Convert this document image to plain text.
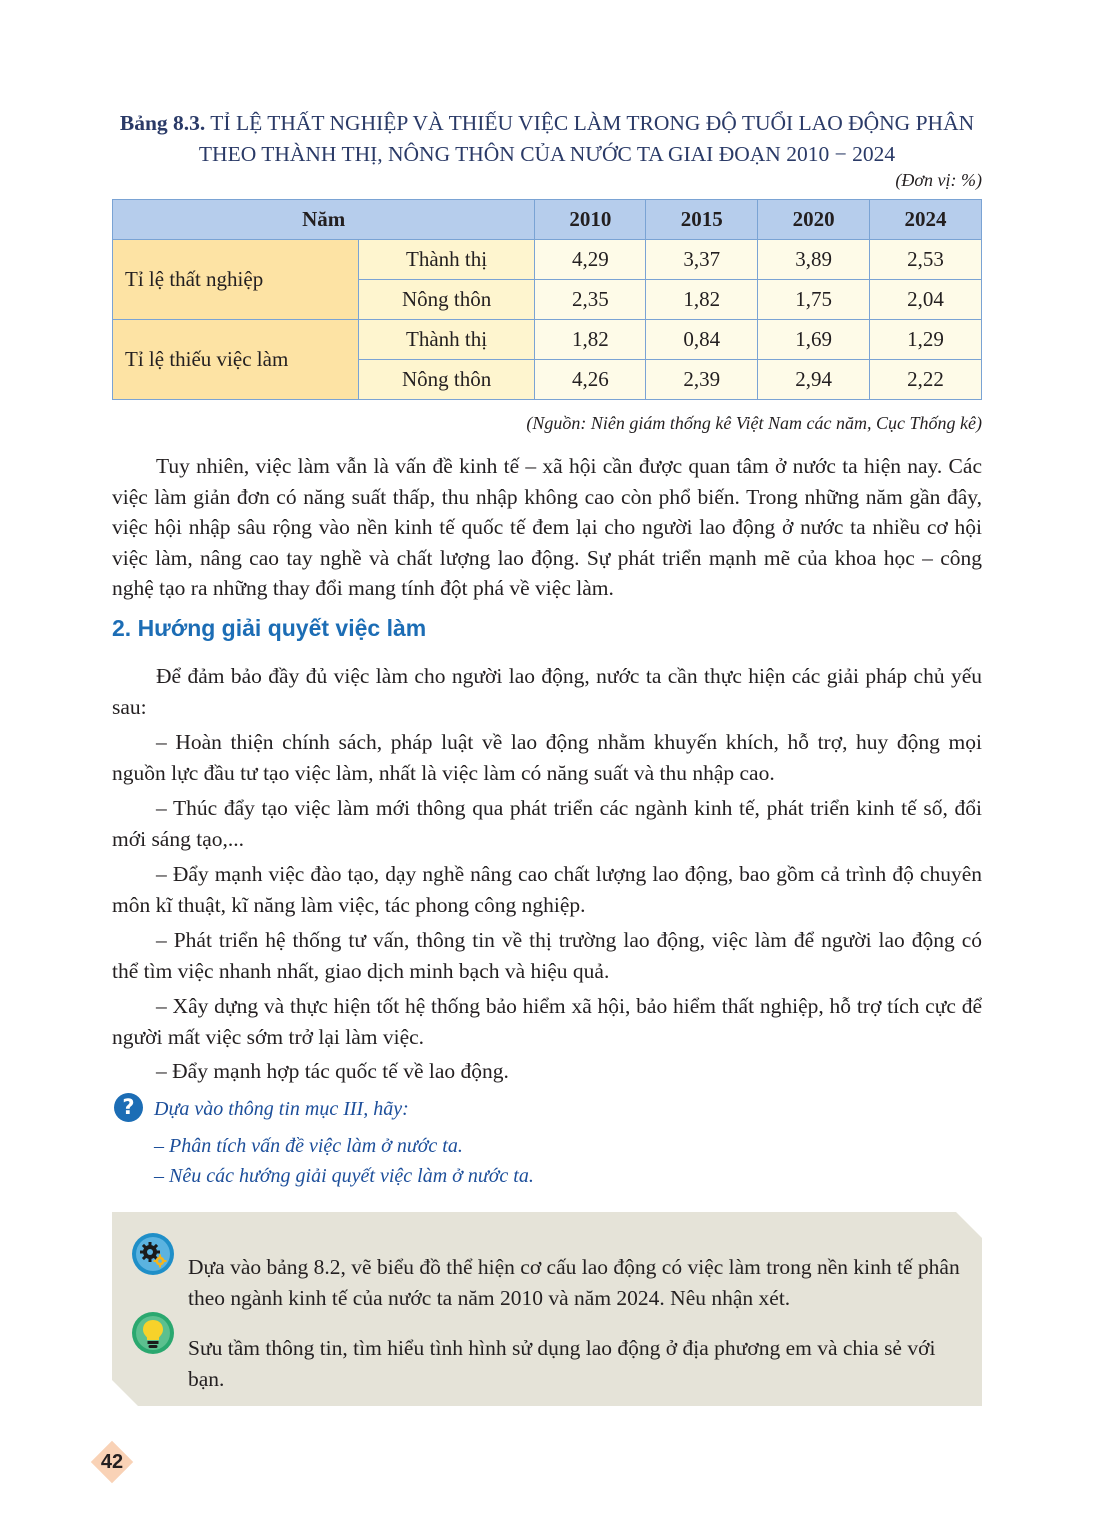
Bảng 8.3. TỈ LỆ THẤT NGHIỆP VÀ THIẾU VIỆC LÀM TRONG ĐỘ TUỔI LAO ĐỘNG PHÂN THEO THÀNH THỊ, NÔNG THÔN CỦA NƯỚC TA GIAI ĐOẠN 2010 − 2024
(Đơn vị: %)
Năm		2010	2015	2020	2024
Tỉ lệ thất nghiệp	Thành thị	4,29	3,37	3,89	2,53
	Nông thôn	2,35	1,82	1,75	2,04
Tỉ lệ thiếu việc làm	Thành thị	1,82	0,84	1,69	1,29
	Nông thôn	4,26	2,39	2,94	2,22
(Nguồn: Niên giám thống kê Việt Nam các năm, Cục Thống kê)

Tuy nhiên, việc làm vẫn là vấn đề kinh tế – xã hội cần được quan tâm ở nước ta hiện nay. Các việc làm giản đơn có năng suất thấp, thu nhập không cao còn phổ biến. Trong những năm gần đây, việc hội nhập sâu rộng vào nền kinh tế quốc tế đem lại cho người lao động ở nước ta nhiều cơ hội việc làm, nâng cao tay nghề và chất lượng lao động. Sự phát triển mạnh mẽ của khoa học – công nghệ tạo ra những thay đổi mang tính đột phá về việc làm.

2. Hướng giải quyết việc làm

Để đảm bảo đầy đủ việc làm cho người lao động, nước ta cần thực hiện các giải pháp chủ yếu sau:

– Hoàn thiện chính sách, pháp luật về lao động nhằm khuyến khích, hỗ trợ, huy động mọi nguồn lực đầu tư tạo việc làm, nhất là việc làm có năng suất và thu nhập cao.

– Thúc đẩy tạo việc làm mới thông qua phát triển các ngành kinh tế, phát triển kinh tế số, đổi mới sáng tạo,...

– Đẩy mạnh việc đào tạo, dạy nghề nâng cao chất lượng lao động, bao gồm cả trình độ chuyên môn kĩ thuật, kĩ năng làm việc, tác phong công nghiệp.

– Phát triển hệ thống tư vấn, thông tin về thị trường lao động, việc làm để người lao động có thể tìm việc nhanh nhất, giao dịch minh bạch và hiệu quả.

– Xây dựng và thực hiện tốt hệ thống bảo hiểm xã hội, bảo hiểm thất nghiệp, hỗ trợ tích cực để người mất việc sớm trở lại làm việc.

– Đẩy mạnh hợp tác quốc tế về lao động.

? Dựa vào thông tin mục III, hãy:
– Phân tích vấn đề việc làm ở nước ta.
– Nêu các hướng giải quyết việc làm ở nước ta.

Dựa vào bảng 8.2, vẽ biểu đồ thể hiện cơ cấu lao động có việc làm trong nền kinh tế phân theo ngành kinh tế của nước ta năm 2010 và năm 2024. Nêu nhận xét.

Sưu tầm thông tin, tìm hiểu tình hình sử dụng lao động ở địa phương em và chia sẻ với bạn.

42
